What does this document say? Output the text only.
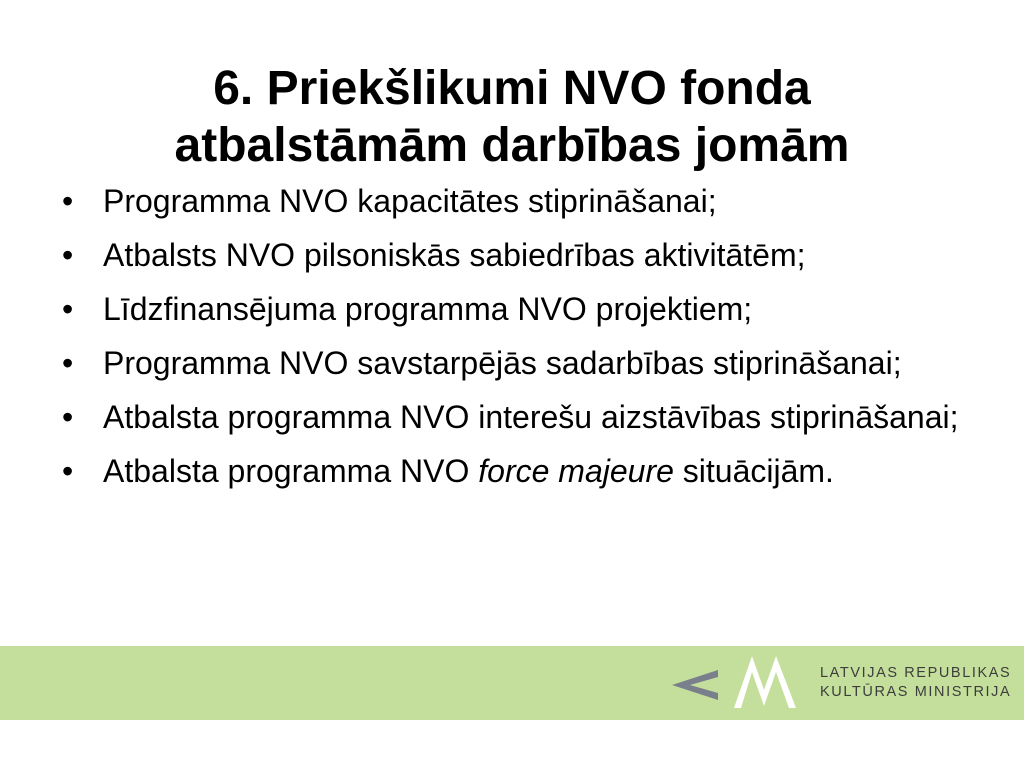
6. Priekšlikumi NVO fonda
atbalstāmām darbības jomām
• Programma NVO kapacitātes stiprināšanai;
• Atbalsts NVO pilsoniskās sabiedrības aktivitātēm;
• Līdzfinansējuma programma NVO projektiem;
• Programma NVO savstarpējās sadarbības stiprināšanai;
• Atbalsta programma NVO interešu aizstāvības stiprināšanai;
• Atbalsta programma NVO force majeure situācijām.
LATVIJAS REPUBLIKAS
KULTŪRAS MINISTRIJA
